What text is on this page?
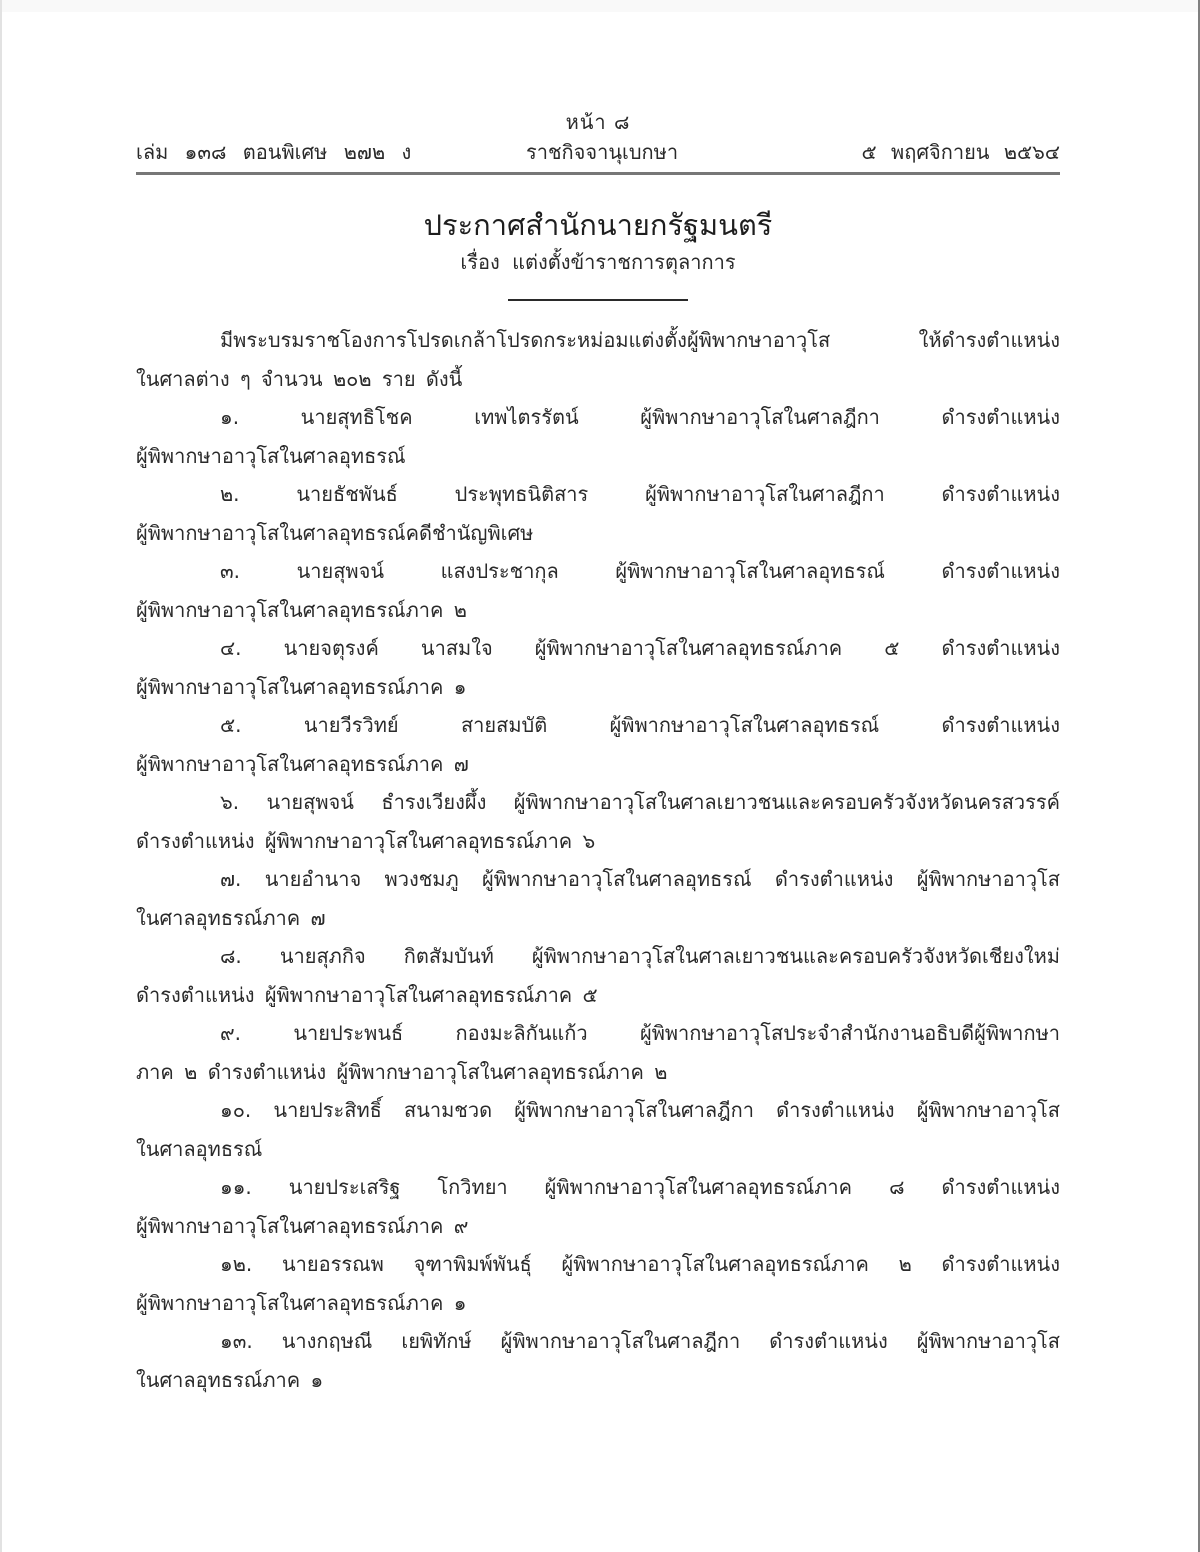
หน้า ๘
เล่ม ๑๓๘ ตอนพิเศษ ๒๗๒ ง	ราชกิจจานุเบกษา	๕ พฤศจิกายน ๒๕๖๔
ประกาศสำนักนายกรัฐมนตรี
เรื่อง แต่งตั้งข้าราชการตุลาการ
มีพระบรมราชโองการโปรดเกล้าโปรดกระหม่อมแต่งตั้งผู้พิพากษาอาวุโส ให้ดำรงตำแหน่ง
ในศาลต่าง ๆ จำนวน ๒๐๒ ราย ดังนี้
๑. นายสุทธิโชค เทพไตรรัตน์ ผู้พิพากษาอาวุโสในศาลฎีกา ดำรงตำแหน่ง
ผู้พิพากษาอาวุโสในศาลอุทธรณ์
๒. นายธัชพันธ์ ประพุทธนิติสาร ผู้พิพากษาอาวุโสในศาลฎีกา ดำรงตำแหน่ง
ผู้พิพากษาอาวุโสในศาลอุทธรณ์คดีชำนัญพิเศษ
๓. นายสุพจน์ แสงประชากุล ผู้พิพากษาอาวุโสในศาลอุทธรณ์ ดำรงตำแหน่ง
ผู้พิพากษาอาวุโสในศาลอุทธรณ์ภาค ๒
๔. นายจตุรงค์ นาสมใจ ผู้พิพากษาอาวุโสในศาลอุทธรณ์ภาค ๕ ดำรงตำแหน่ง
ผู้พิพากษาอาวุโสในศาลอุทธรณ์ภาค ๑
๕. นายวีรวิทย์ สายสมบัติ ผู้พิพากษาอาวุโสในศาลอุทธรณ์ ดำรงตำแหน่ง
ผู้พิพากษาอาวุโสในศาลอุทธรณ์ภาค ๗
๖. นายสุพจน์ ธำรงเวียงผึ้ง ผู้พิพากษาอาวุโสในศาลเยาวชนและครอบครัวจังหวัดนครสวรรค์
ดำรงตำแหน่ง ผู้พิพากษาอาวุโสในศาลอุทธรณ์ภาค ๖
๗. นายอำนาจ พวงชมภู ผู้พิพากษาอาวุโสในศาลอุทธรณ์ ดำรงตำแหน่ง ผู้พิพากษาอาวุโส
ในศาลอุทธรณ์ภาค ๗
๘. นายสุภกิจ กิตสัมบันท์ ผู้พิพากษาอาวุโสในศาลเยาวชนและครอบครัวจังหวัดเชียงใหม่
ดำรงตำแหน่ง ผู้พิพากษาอาวุโสในศาลอุทธรณ์ภาค ๕
๙. นายประพนธ์ กองมะลิกันแก้ว ผู้พิพากษาอาวุโสประจำสำนักงานอธิบดีผู้พิพากษา
ภาค ๒ ดำรงตำแหน่ง ผู้พิพากษาอาวุโสในศาลอุทธรณ์ภาค ๒
๑๐. นายประสิทธิ์ สนามชวด ผู้พิพากษาอาวุโสในศาลฎีกา ดำรงตำแหน่ง ผู้พิพากษาอาวุโส
ในศาลอุทธรณ์
๑๑. นายประเสริฐ โกวิทยา ผู้พิพากษาอาวุโสในศาลอุทธรณ์ภาค ๘ ดำรงตำแหน่ง
ผู้พิพากษาอาวุโสในศาลอุทธรณ์ภาค ๙
๑๒. นายอรรณพ จุฑาพิมพ์พันธุ์ ผู้พิพากษาอาวุโสในศาลอุทธรณ์ภาค ๒ ดำรงตำแหน่ง
ผู้พิพากษาอาวุโสในศาลอุทธรณ์ภาค ๑
๑๓. นางกฤษณี เยพิทักษ์ ผู้พิพากษาอาวุโสในศาลฎีกา ดำรงตำแหน่ง ผู้พิพากษาอาวุโส
ในศาลอุทธรณ์ภาค ๑
